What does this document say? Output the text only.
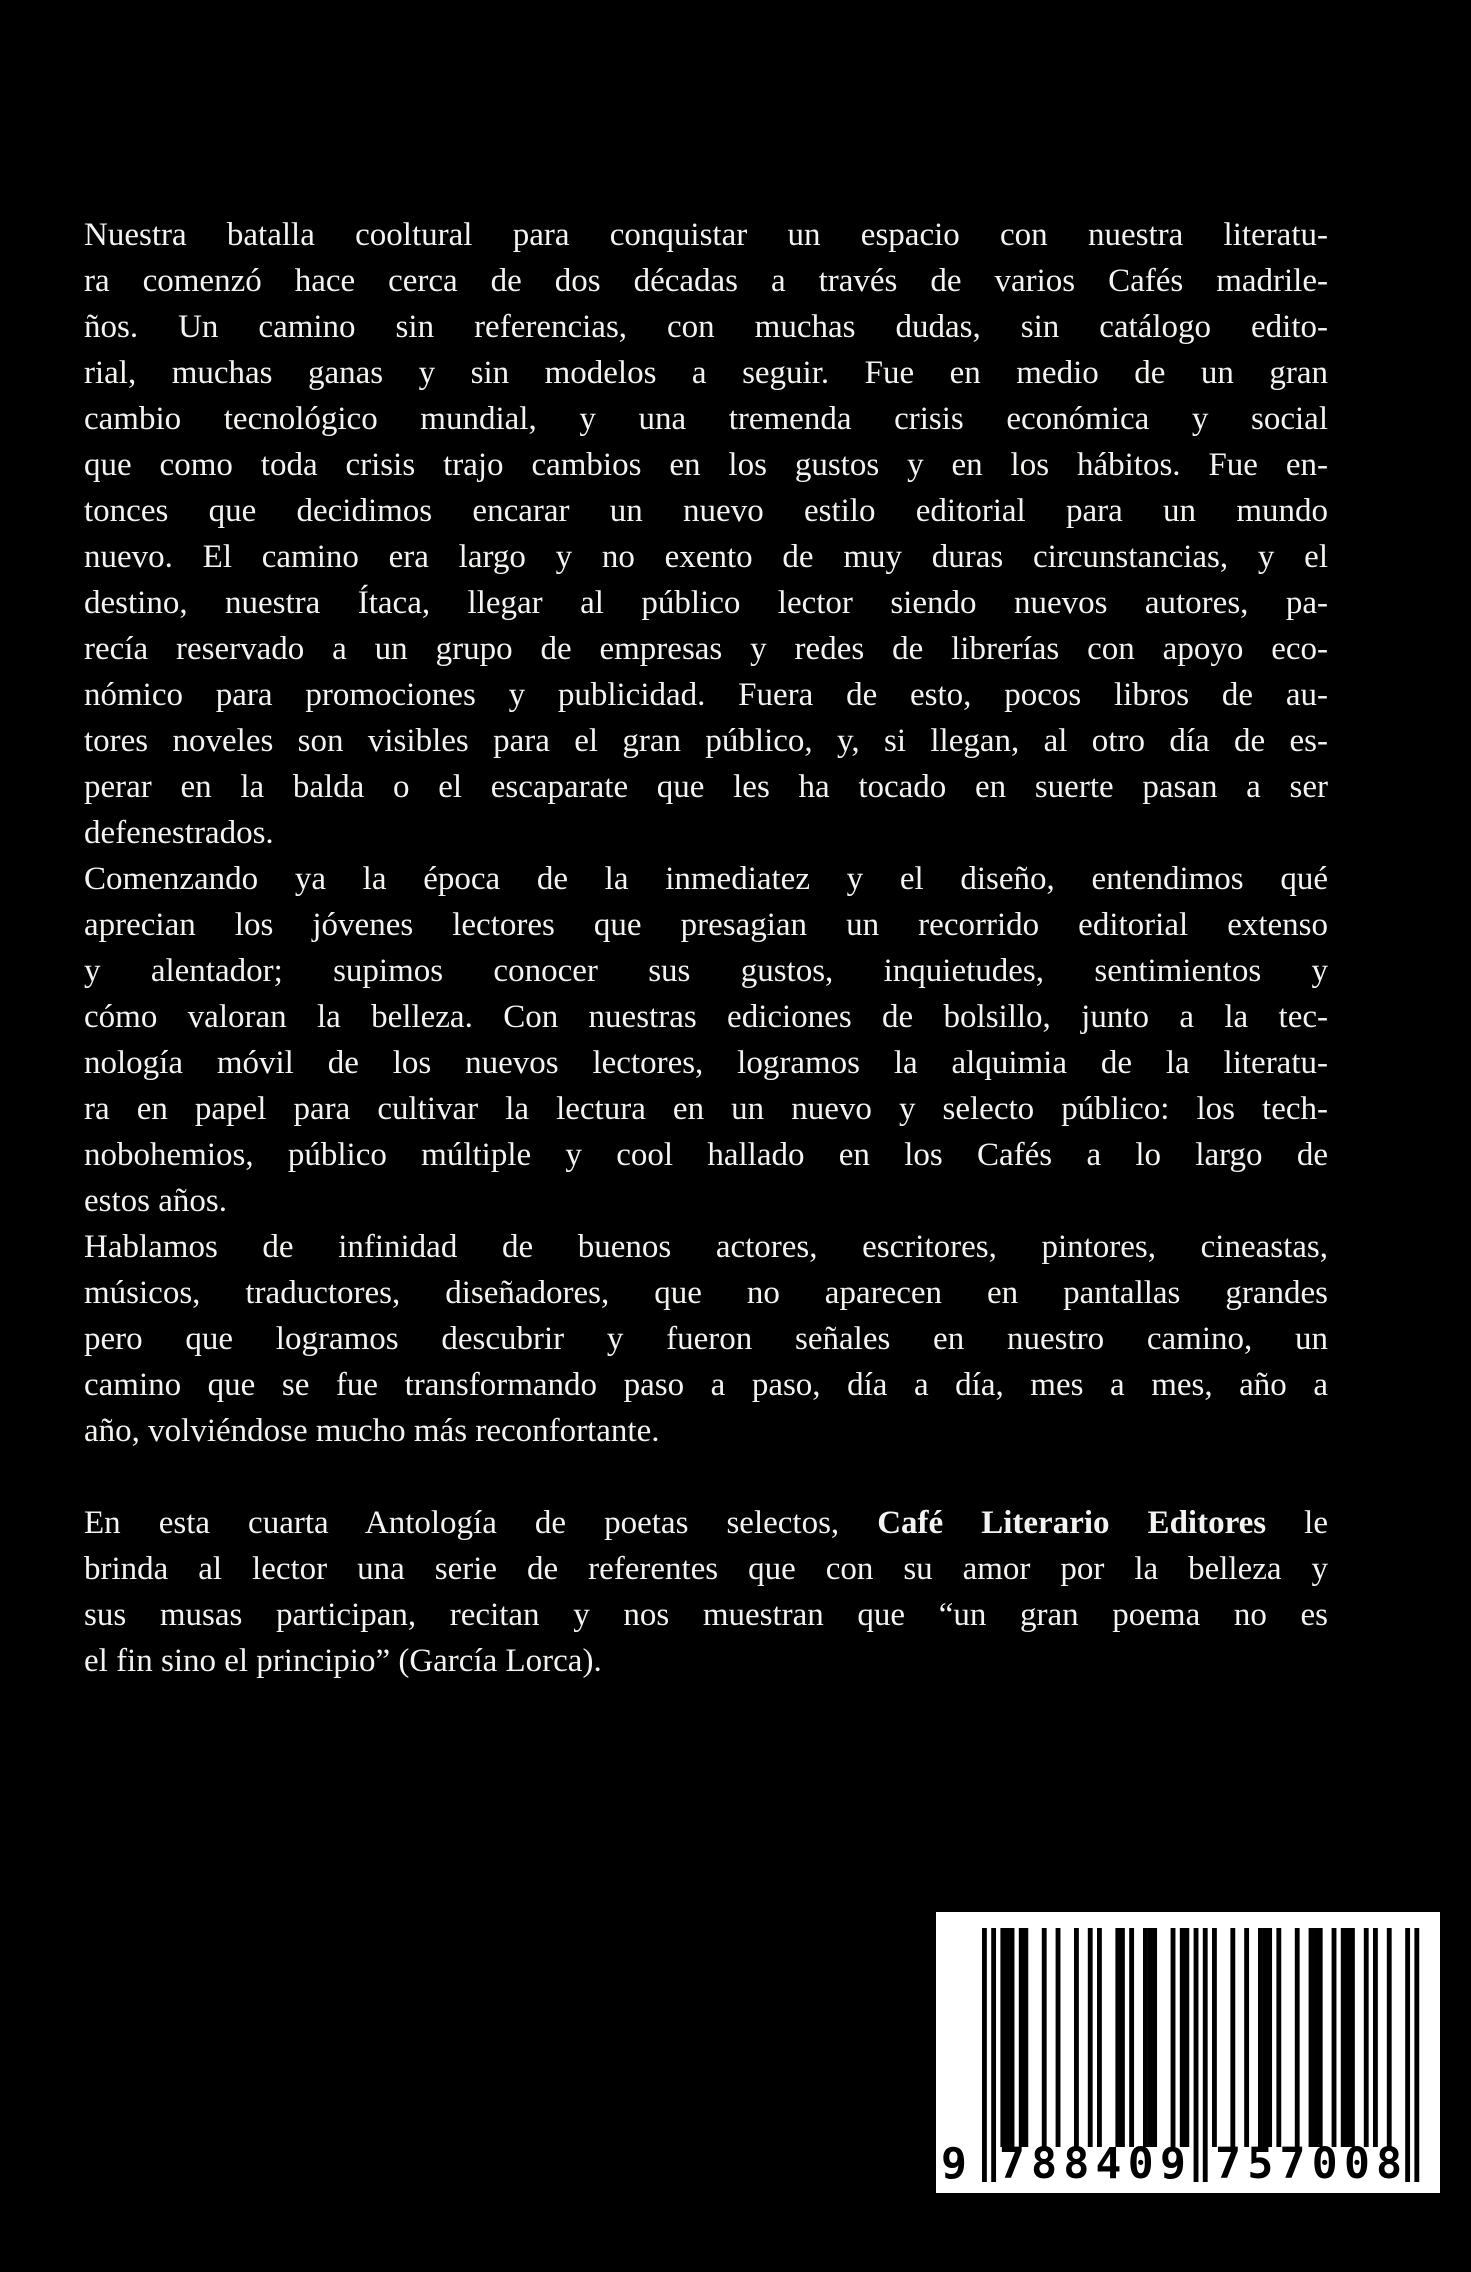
Nuestra batalla cooltural para conquistar un espacio con nuestra literatu-
ra comenzó hace cerca de dos décadas a través de varios Cafés madrile-
ños. Un camino sin referencias, con muchas dudas, sin catálogo edito-
rial, muchas ganas y sin modelos a seguir. Fue en medio de un gran
cambio tecnológico mundial, y una tremenda crisis económica y social
que como toda crisis trajo cambios en los gustos y en los hábitos. Fue en-
tonces que decidimos encarar un nuevo estilo editorial para un mundo
nuevo. El camino era largo y no exento de muy duras circunstancias, y el
destino, nuestra Ítaca, llegar al público lector siendo nuevos autores, pa-
recía reservado a un grupo de empresas y redes de librerías con apoyo eco-
nómico para promociones y publicidad. Fuera de esto, pocos libros de au-
tores noveles son visibles para el gran público, y, si llegan, al otro día de es-
perar en la balda o el escaparate que les ha tocado en suerte pasan a ser
defenestrados.
Comenzando ya la época de la inmediatez y el diseño, entendimos qué
aprecian los jóvenes lectores que presagian un recorrido editorial extenso
y alentador; supimos conocer sus gustos, inquietudes, sentimientos y
cómo valoran la belleza. Con nuestras ediciones de bolsillo, junto a la tec-
nología móvil de los nuevos lectores, logramos la alquimia de la literatu-
ra en papel para cultivar la lectura en un nuevo y selecto público: los tech-
nobohemios, público múltiple y cool hallado en los Cafés a lo largo de
estos años.
Hablamos de infinidad de buenos actores, escritores, pintores, cineastas,
músicos, traductores, diseñadores, que no aparecen en pantallas grandes
pero que logramos descubrir y fueron señales en nuestro camino, un
camino que se fue transformando paso a paso, día a día, mes a mes, año a
año, volviéndose mucho más reconfortante.
En esta cuarta Antología de poetas selectos, Café Literario Editores le
brinda al lector una serie de referentes que con su amor por la belleza y
sus musas participan, recitan y nos muestran que “un gran poema no es
el fin sino el principio” (García Lorca).
9 7 8 8 4 0 9 7 5 7 0 0 8
